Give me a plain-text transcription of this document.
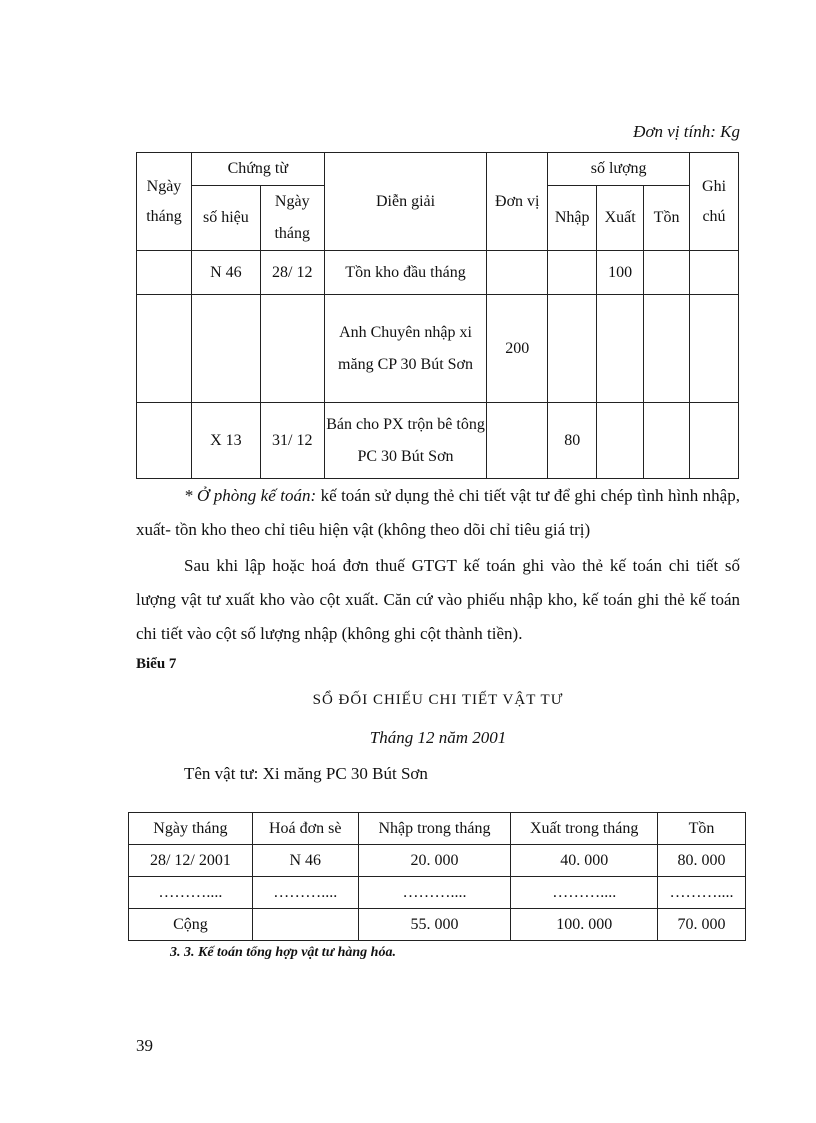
Đơn vị tính: Kg
Ngày tháng	Chứng từ		Diễn giải	Đơn vị	số lượng			Ghi chú
	số hiệu	Ngày tháng			Nhập	Xuất	Tồn	
	N 46	28/ 12	Tồn kho đầu tháng			100		
			Anh Chuyên nhập xi măng CP 30 Bút Sơn	200				
	X 13	31/ 12	Bán cho PX trộn bê tông PC 30 Bút Sơn		80			
* Ở phòng kế toán: kế toán sử dụng thẻ chi tiết vật tư để ghi chép tình hình nhập, xuất- tồn kho theo chỉ tiêu hiện vật (không theo dõi chỉ tiêu giá trị)
Sau khi lập hoặc hoá đơn thuế GTGT kế toán ghi vào thẻ kế toán chi tiết số lượng vật tư xuất kho vào cột xuất. Căn cứ vào phiếu nhập kho, kế toán ghi thẻ kế toán chi tiết vào cột số lượng nhập (không ghi cột thành tiền).
Biểu 7
SỔ ĐỐI CHIẾU CHI TIẾT VẬT TƯ
Tháng 12 năm 2001
Tên vật tư: Xi măng PC 30 Bút Sơn
Ngày tháng	Hoá đơn sè	Nhập trong tháng	Xuất trong tháng	Tồn
28/ 12/ 2001	N 46	20. 000	40. 000	80. 000
………....	………....	………....	………....	………....
Cộng		55. 000	100. 000	70. 000
3. 3. Kế toán tổng hợp vật tư hàng hóa.
39
